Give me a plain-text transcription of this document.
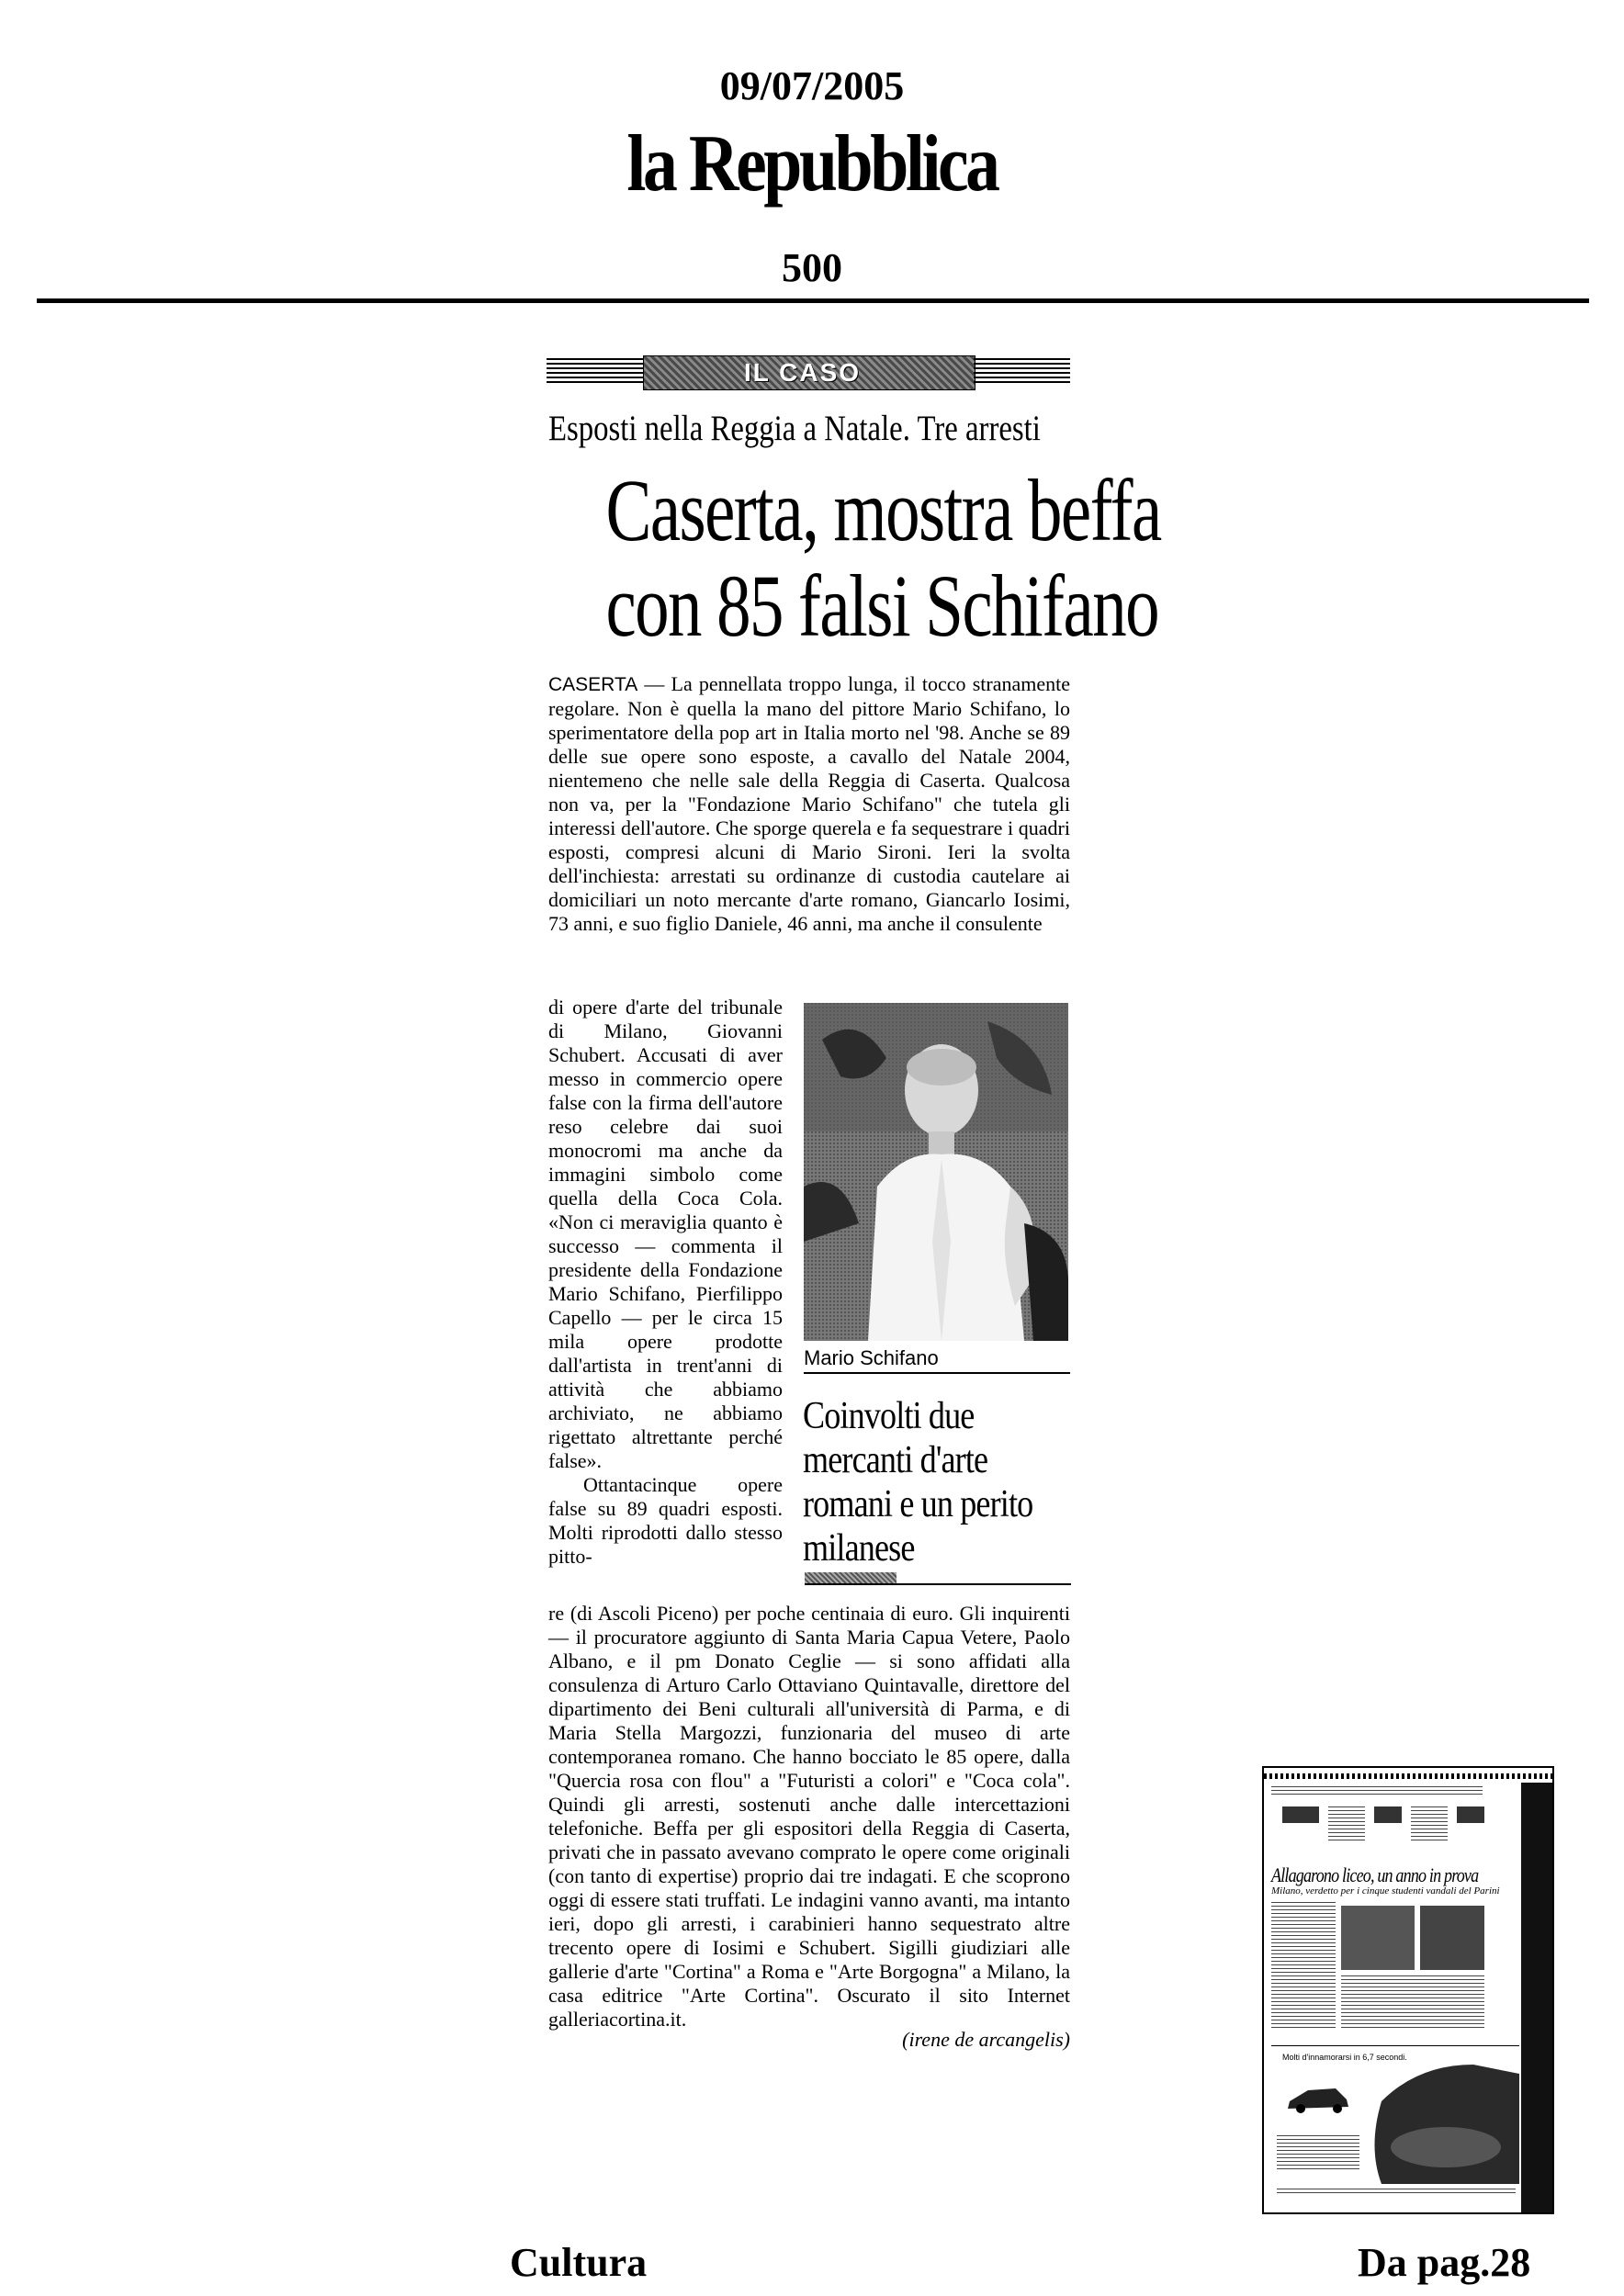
09/07/2005
la Repubblica
500
IL CASO
Esposti nella Reggia a Natale. Tre arresti
Caserta, mostra beffa
con 85 falsi Schifano

CASERTA — La pennellata troppo lunga, il tocco stranamente regolare. Non è quella la mano del pittore Mario Schifano, lo sperimentatore della pop art in Italia morto nel '98. Anche se 89 delle sue opere sono esposte, a cavallo del Natale 2004, nientemeno che nelle sale della Reggia di Caserta. Qualcosa non va, per la "Fondazione Mario Schifano" che tutela gli interessi dell'autore. Che sporge querela e fa sequestrare i quadri esposti, compresi alcuni di Mario Sironi. Ieri la svolta dell'inchiesta: arrestati su ordinanze di custodia cautelare ai domiciliari un noto mercante d'arte romano, Giancarlo Iosimi, 73 anni, e suo figlio Daniele, 46 anni, ma anche il consulente

di opere d'arte del tribunale di Milano, Giovanni Schubert. Accusati di aver messo in commercio opere false con la firma dell'autore reso celebre dai suoi monocromi ma anche da immagini simbolo come quella della Coca Cola. «Non ci meraviglia quanto è successo — commenta il presidente della Fondazione Mario Schifano, Pierfilippo Capello — per le circa 15 mila opere prodotte dall'artista in trent'anni di attività che abbiamo archiviato, ne abbiamo rigettato altrettante perché false».

Ottantacinque opere false su 89 quadri esposti. Molti riprodotti dallo stesso pitto-

Mario Schifano
Coinvolti due
mercanti d'arte
romani e un perito
milanese

re (di Ascoli Piceno) per poche centinaia di euro. Gli inquirenti — il procuratore aggiunto di Santa Maria Capua Vetere, Paolo Albano, e il pm Donato Ceglie — si sono affidati alla consulenza di Arturo Carlo Ottaviano Quintavalle, direttore del dipartimento dei Beni culturali all'università di Parma, e di Maria Stella Margozzi, funzionaria del museo di arte contemporanea romano. Che hanno bocciato le 85 opere, dalla "Quercia rosa con flou" a "Futuristi a colori" e "Coca cola". Quindi gli arresti, sostenuti anche dalle intercettazioni telefoniche. Beffa per gli espositori della Reggia di Caserta, privati che in passato avevano comprato le opere come originali (con tanto di expertise) proprio dai tre indagati. E che scoprono oggi di essere stati truffati. Le indagini vanno avanti, ma intanto ieri, dopo gli arresti, i carabinieri hanno sequestrato altre trecento opere di Iosimi e Schubert. Sigilli giudiziari alle gallerie d'arte "Cortina" a Roma e "Arte Borgogna" a Milano, la casa editrice "Arte Cortina". Oscurato il sito Internet galleriacortina.it.

(irene de arcangelis)
Allagarono liceo, un anno in prova
Milano, verdetto per i cinque studenti vandali del Parini
Molti d'innamorarsi in 6,7 secondi.
Cultura	Da pag.28
